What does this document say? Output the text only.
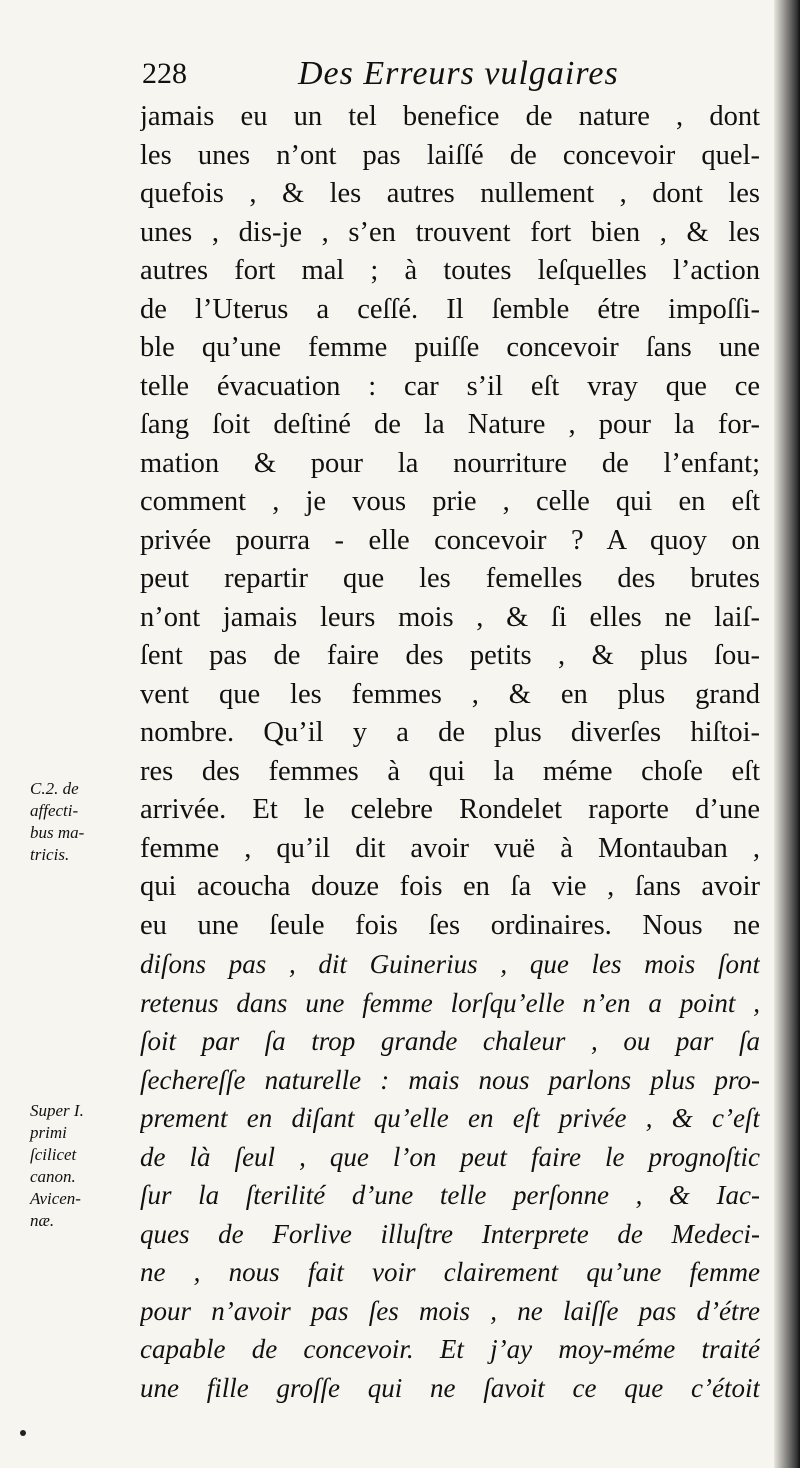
228	Des Erreurs vulgaires
jamais eu un tel benefice de nature , dont
les unes n’ont pas laiſſé de concevoir quel-
quefois , & les autres nullement , dont les
unes , dis-je , s’en trouvent fort bien , & les
autres fort mal ; à toutes leſquelles l’action
de l’Uterus a ceſſé. Il ſemble étre impoſſi-
ble qu’une femme puiſſe concevoir ſans une
telle évacuation : car s’il eſt vray que ce
ſang ſoit deſtiné de la Nature , pour la for-
mation & pour la nourriture de l’enfant;
comment , je vous prie , celle qui en eſt
privée pourra - elle concevoir ? A quoy on
peut repartir que les femelles des brutes
n’ont jamais leurs mois , & ſi elles ne laiſ-
ſent pas de faire des petits , & plus ſou-
vent que les femmes , & en plus grand
nombre. Qu’il y a de plus diverſes hiſtoi-
res des femmes à qui la méme choſe eſt
arrivée. Et le celebre Rondelet raporte d’une
femme , qu’il dit avoir vuë à Montauban ,
qui acoucha douze fois en ſa vie , ſans avoir
eu une ſeule fois ſes ordinaires. Nous ne
diſons pas , dit Guinerius , que les mois ſont
retenus dans une femme lorſqu’elle n’en a point ,
ſoit par ſa trop grande chaleur , ou par ſa
ſechereſſe naturelle : mais nous parlons plus pro-
prement en diſant qu’elle en eſt privée , & c’eſt
de là ſeul , que l’on peut faire le prognoſtic
ſur la ſterilité d’une telle perſonne , & Iac-
ques de Forlive illuſtre Interprete de Medeci-
ne , nous fait voir clairement qu’une femme
pour n’avoir pas ſes mois , ne laiſſe pas d’étre
capable de concevoir. Et j’ay moy-méme traité
une fille groſſe qui ne ſavoit ce que c’étoit
C.2. de
affecti-
bus ma-
tricis.
Super I.
primi
ſcilicet
canon.
Avicen-
næ.
